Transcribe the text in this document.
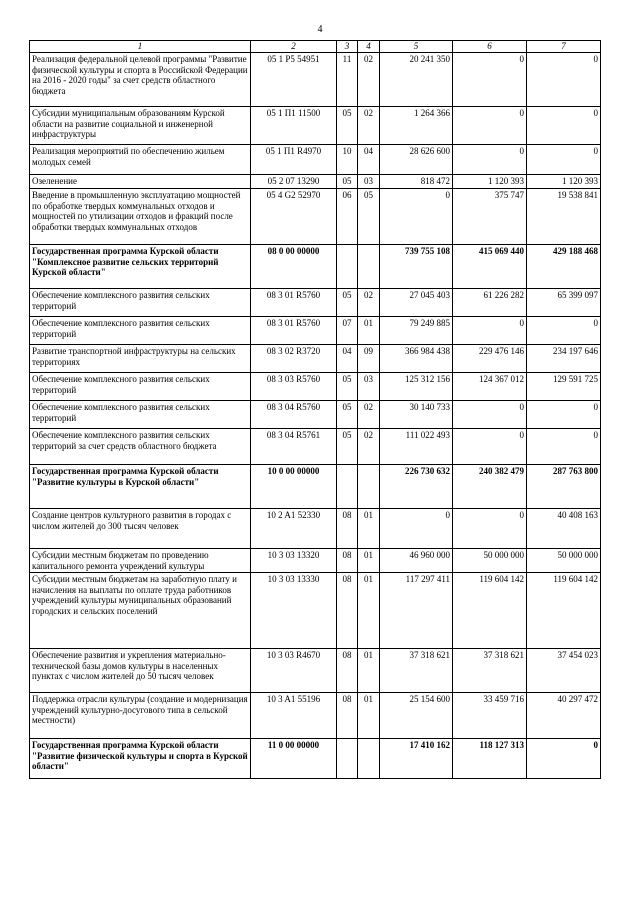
4
1	2	3	4	5	6	7
Реализация федеральной целевой программы "Развитие физической культуры и спорта в Российской Федерации на 2016 - 2020 годы" за счет средств областного бюджета	05 1 P5 54951	11	02	20 241 350	0	0
Субсидии муниципальным образованиям Курской области на развитие социальной и инженерной инфраструктуры	05 1 П1 11500	05	02	1 264 366	0	0
Реализация мероприятий по обеспечению жильем молодых семей	05 1 П1 R4970	10	04	28 626 600	0	0
Озеленение	05 2 07 13290	05	03	818 472	1 120 393	1 120 393
Введение в промышленную эксплуатацию мощностей по обработке твердых коммунальных отходов и мощностей по утилизации отходов и фракций после обработки твердых коммунальных отходов	05 4 G2 52970	06	05	0	375 747	19 538 841
Государственная программа Курской области "Комплексное развитие сельских территорий Курской области"	08 0 00 00000			739 755 108	415 069 440	429 188 468
Обеспечение комплексного развития сельских территорий	08 3 01 R5760	05	02	27 045 403	61 226 282	65 399 097
Обеспечение комплексного развития сельских территорий	08 3 01 R5760	07	01	79 249 885	0	0
Развитие транспортной инфраструктуры на сельских территориях	08 3 02 R3720	04	09	366 984 438	229 476 146	234 197 646
Обеспечение комплексного развития сельских территорий	08 3 03 R5760	05	03	125 312 156	124 367 012	129 591 725
Обеспечение комплексного развития сельских территорий	08 3 04 R5760	05	02	30 140 733	0	0
Обеспечение комплексного развития сельских территорий за счет средств областного бюджета	08 3 04 R5761	05	02	111 022 493	0	0
Государственная программа Курской области "Развитие культуры в Курской области"	10 0 00 00000			226 730 632	240 382 479	287 763 800
Создание центров культурного развития в городах с числом жителей до 300 тысяч человек	10 2 A1 52330	08	01	0	0	40 408 163
Субсидии местным бюджетам по проведению капитального ремонта учреждений культуры	10 3 03 13320	08	01	46 960 000	50 000 000	50 000 000
Субсидии местным бюджетам на заработную плату и начисления на выплаты по оплате труда работников учреждений культуры муниципальных образований городских и сельских поселений	10 3 03 13330	08	01	117 297 411	119 604 142	119 604 142
Обеспечение развития и укрепления материально-технической базы домов культуры в населенных пунктах с числом жителей до 50 тысяч человек	10 3 03 R4670	08	01	37 318 621	37 318 621	37 454 023
Поддержка отрасли культуры (создание и модернизация учреждений культурно-досугового типа в сельской местности)	10 3 A1 55196	08	01	25 154 600	33 459 716	40 297 472
Государственная программа Курской области "Развитие физической культуры и спорта в Курской области"	11 0 00 00000			17 410 162	118 127 313	0
